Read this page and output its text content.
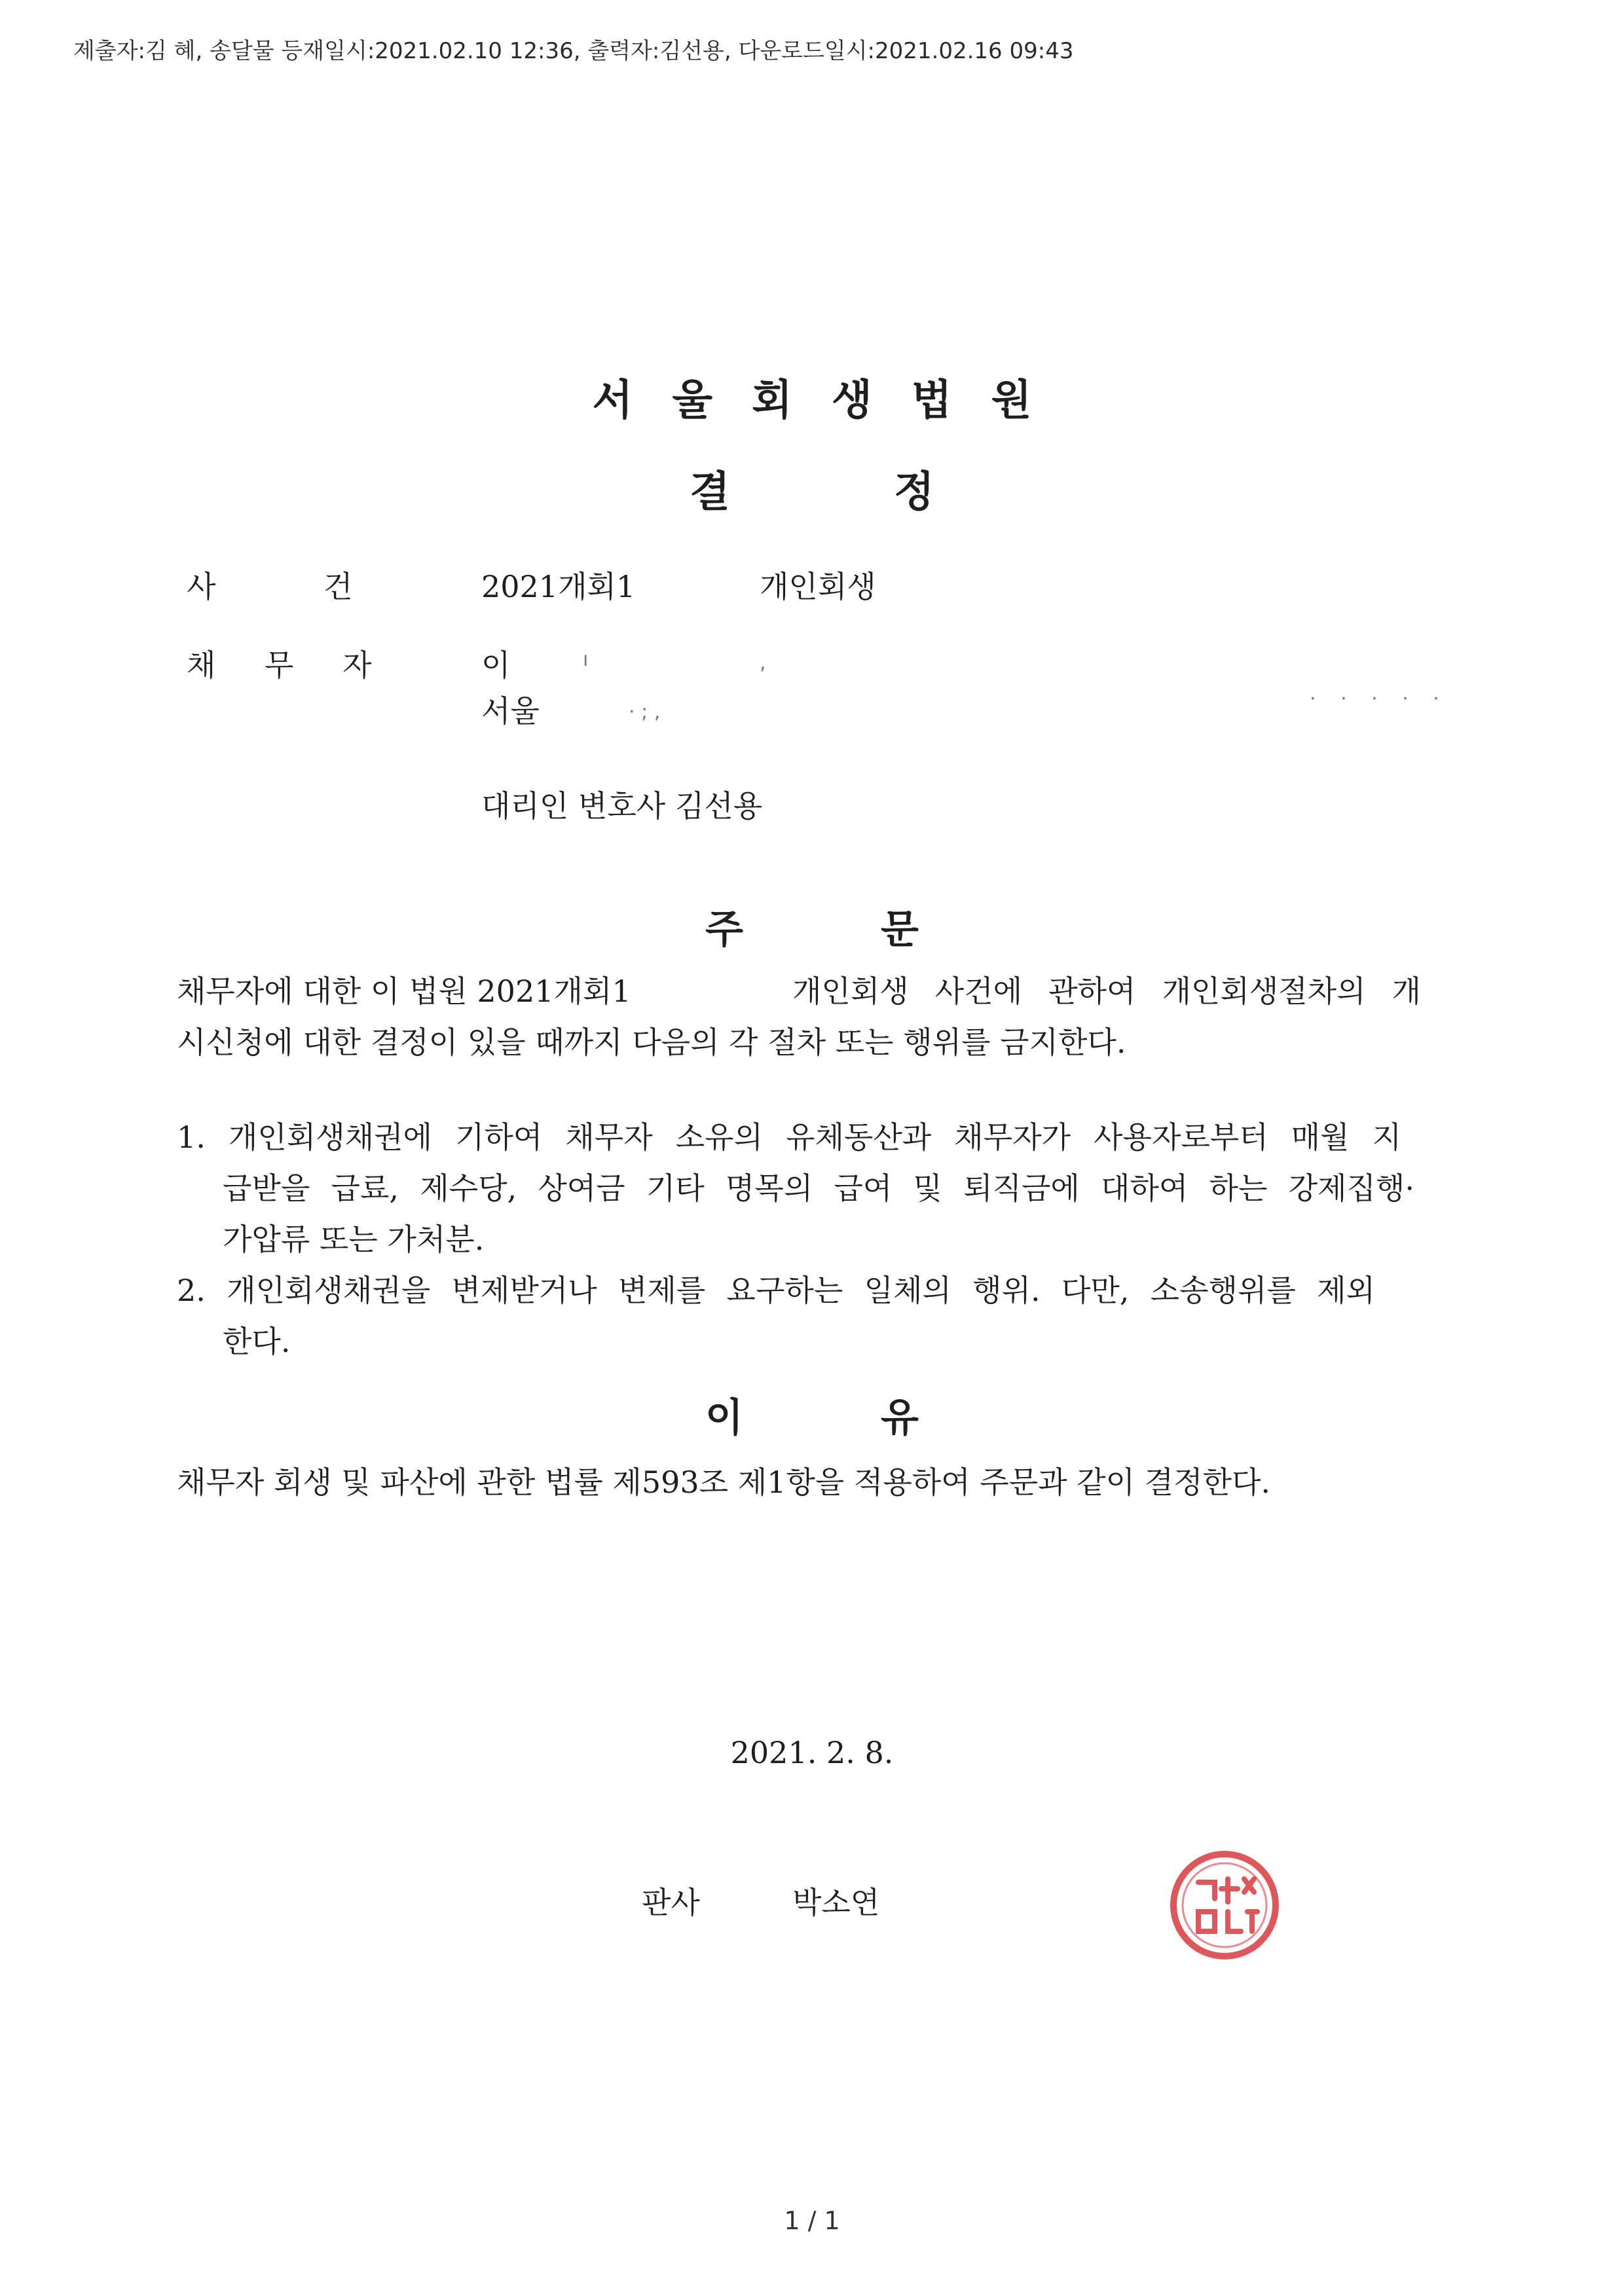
제출자:김 혜, 송달물 등재일시:2021.02.10 12:36, 출력자:김선용, 다운로드일시:2021.02.16 09:43
서울회생법원
결정
사 건	2021개회1	개인회생
채 무 자	이	ı	,
서울	· ; ,
· · · · ·
대리인 변호사 김선용
주문
채무자에 대한 이 법원 2021개회1	개인회생 사건에 관하여 개인회생절차의 개
시신청에 대한 결정이 있을 때까지 다음의 각 절차 또는 행위를 금지한다.
1. 개인회생채권에 기하여 채무자 소유의 유체동산과 채무자가 사용자로부터 매월 지
급받을 급료, 제수당, 상여금 기타 명목의 급여 및 퇴직금에 대하여 하는 강제집행·
가압류 또는 가처분.
2. 개인회생채권을 변제받거나 변제를 요구하는 일체의 행위. 다만, 소송행위를 제외
한다.
이유
채무자 회생 및 파산에 관한 법률 제593조 제1항을 적용하여 주문과 같이 결정한다.
2021. 2. 8.
판사	박소연
1 / 1
